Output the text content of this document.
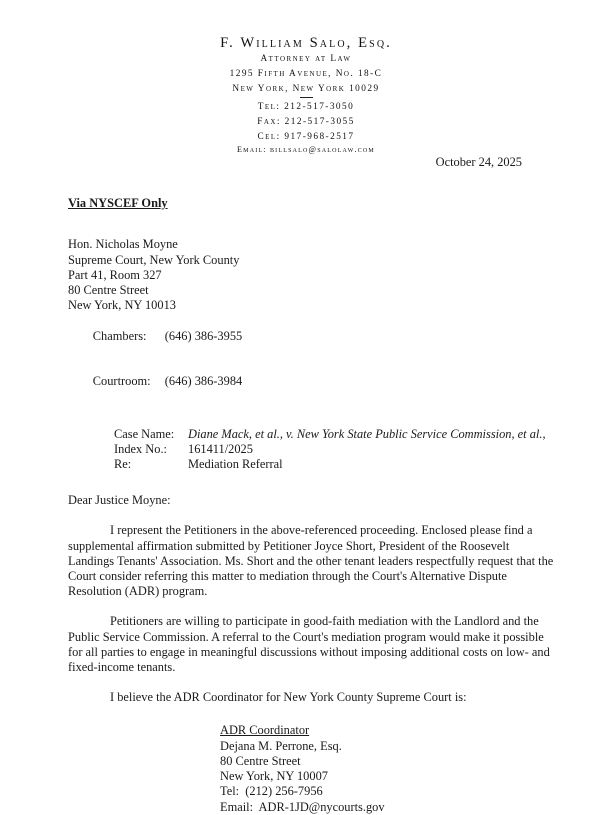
F. William Salo, Esq.
Attorney at Law
1295 Fifth Avenue, No. 18-C
New York, New York 10029
Tel: 212-517-3050
Fax: 212-517-3055
Cel: 917-968-2517
Email: billsalo@salolaw.com
October 24, 2025
Via NYSCEF Only
Hon. Nicholas Moyne
Supreme Court, New York County
Part 41, Room 327
80 Centre Street
New York, NY 10013

Chambers: (646) 386-3955

Courtroom: (646) 386-3984

Case Name:	Diane Mack, et al., v. New York State Public Service Commission, et al.,
Index No.:	161411/2025
Re:	Mediation Referral
Dear Justice Moyne:

I represent the Petitioners in the above-referenced proceeding. Enclosed please find a supplemental affirmation submitted by Petitioner Joyce Short, President of the Roosevelt Landings Tenants' Association. Ms. Short and the other tenant leaders respectfully request that the Court consider referring this matter to mediation through the Court's Alternative Dispute Resolution (ADR) program.

Petitioners are willing to participate in good-faith mediation with the Landlord and the Public Service Commission. A referral to the Court's mediation program would make it possible for all parties to engage in meaningful discussions without imposing additional costs on low- and fixed-income tenants.

I believe the ADR Coordinator for New York County Supreme Court is:

ADR Coordinator
Dejana M. Perrone, Esq.
80 Centre Street
New York, NY 10007
Tel:  (212) 256-7956
Email:  ADR-1JD@nycourts.gov
